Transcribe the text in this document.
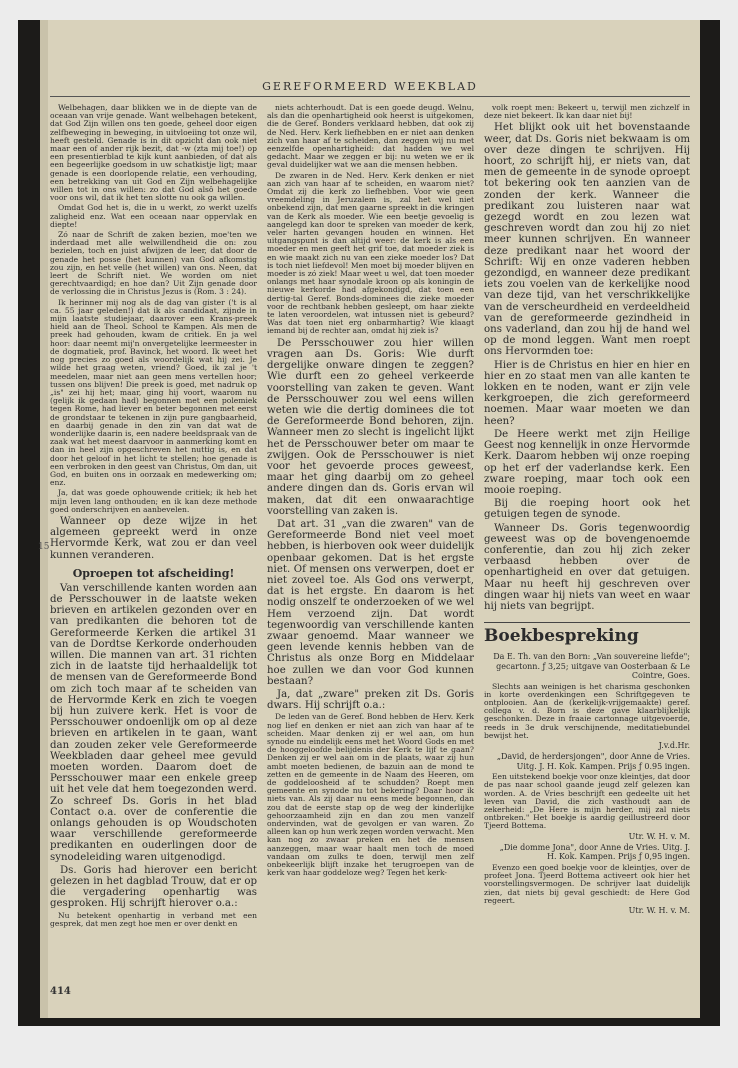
GEREFORMEERD WEEKBLAD
15

Welbehagen, daar blikken we in de diepte van de oceaan van vrije genade. Want welbehagen betekent, dat God Zijn willen ons ten goede, geheel door eigen zelfbeweging in beweging, in uitvloeiing tot onze wil, heeft gesteld. Genade is in dit opzicht dan ook niet maar een of ander rijk bezit, dat -w (zta mij toe!) op een presentierblad te kijk kunt aanbieden, of dat als een begeerlijke goedsom in uw schatkistje ligt; maar genade is een doorlopende relatie, een verhouding, een betrekking van uit God en Zijn welbehagelijke willen tot in ons willen: zo dat God alsô het goede voor ons wil, dat ik het ten slotte nu ook ga willen.

Omdat God het is, die in u werkt, zo werkt uzelfs zaligheid enz. Wat een oceaan naar oppervlak en diepte!

Zó naar de Schrift de zaken bezien, moe'ten we inderdaad met alle welwillendheid die on: zou bezielen, toch en juist afwijzen de leer, dat door de genade het posse (het kunnen) van God afkomstig zou zijn, en het velle (het willen) van ons. Neen, dat leert de Schrift niet. We worden om niet gerechtvaardigd; en hoe dan? Uit Zijn genade door de verlossing die in Christus Jezus is (Rom. 3 : 24).

Ik herinner mij nog als de dag van gister ('t is al ca. 55 jaar geleden!) dat ik als candidaat, zijnde in mijn laatste studiejaar, daarover een Krans-preek hield aan de Theol. School te Kampen. Als men de preek had gehouden, kwam de critiek. En ja wel hoor: daar neemt mij'n onvergetelijke leermeester in de dogmatiek, prof. Bavinck, het woord. Ik weet het nog precies zo goed als woordelijk wat hij zei. Je wilde het graag weten, vriend? Goed, ik zal je 't meedelen, maar niet aan geen mens vertellen hoor; tussen ons blijven! Die preek is goed, met nadruk op „is" zei hij het; maar, ging hij voort, waarom nu (gelijk ik gedaan had) begonnen met een polemiek tegen Rome, had liever en beter begonnen met eerst de grondstaar te tekenen in zijn pure gangbaarheid, en daarbij genade in den zin van dat wat de wonderlijke daarin is, een nadere beeldspraak van de zaak wat het meest daarvoor in aanmerking komt en dan in heel zijn opgeschreven het nuttig is, en dat door het geloof in het licht te stellen; hoe genade is een verbroken in den geest van Christus, Om dan, uit God, en buiten ons in oorzaak en medewerking om; enz.

Ja, dat was goede ophouwende critiek; ik heb het mijn leven lang onthouden; en ik kan deze methode goed onderschrijven en aanbevelen.

Wanneer op deze wijze in het algemeen gepreekt werd in onze Hervormde Kerk, wat zou er dan veel kunnen veranderen.

Oproepen tot afscheiding!

Van verschillende kanten worden aan de Persschouwer in de laatste weken brieven en artikelen gezonden over en van predikanten die behoren tot de Gereformeerde Kerken die artikel 31 van de Dordtse Kerkorde onderhouden willen. Die mannen van art. 31 richten zich in de laatste tijd herhaaldelijk tot de mensen van de Gereformeerde Bond om zich toch maar af te scheiden van de Hervormde Kerk en zich te voegen bij hun zuivere kerk. Het is voor de Persschouwer ondoenlijk om op al deze brieven en artikelen in te gaan, want dan zouden zeker vele Gereformeerde Weekbladen daar geheel mee gevuld moeten worden. Daarom doet de Persschouwer maar een enkele greep uit het vele dat hem toegezonden werd. Zo schreef Ds. Goris in het blad Contact o.a. over de conferentie die onlangs gehouden is op Woudschoten waar verschillende gereformeerde predikanten en ouderlingen door de synodeleiding waren uitgenodigd.

Ds. Goris had hierover een bericht gelezen in het dagblad Trouw, dat er op die vergadering openhartig was gesproken. Hij schrijft hierover o.a.:

Nu betekent openhartig in verband met een gesprek, dat men zegt hoe men er over denkt en

niets achterhoudt. Dat is een goede deugd. Welnu, als dan die openhartigheid ook heerst is uitgekomen, die de Geref. Bonders verklaard hebben, dat ook zij de Ned. Herv. Kerk liefhebben en er niet aan denken zich van haar af te scheiden, dan zeggen wij nu met eenzelfde openhartigheid: dat hadden we wel gedacht. Maar we zeggen er bij: nu weten we er ik geval duidelijker wat we aan die mensen hebben.

De zwaren in de Ned. Herv. Kerk denken er niet aan zich van haar af te scheiden, en waarom niet? Omdat zij die kerk zo liefhebben. Voor wie geen vreemdeling in Jeruzalem is, zal het wel niet onbekend zijn, dat men gaarne spreekt in die kringen van de Kerk als moeder. Wie een beetje gevoelig is aangelegd kan door te spreken van moeder de kerk, veler harten gevangen houden en winnen. Het uitgangspunt is dan altijd weer: de kerk is als een moeder en men geeft het grif toe, dat moeder ziek is en wie maakt zich nu van een zieke moeder los? Dat is toch niet liefdevol! Men moet bij moeder blijven en moeder is zó ziek! Maar weet u wel, dat toen moeder onlangs met haar synodale kroon op als koningin de nieuwe kerkorde had afgekondigd, dat toen een dertig-tal Geref. Bonds-dominees die zieke moeder voor de rechtbank hebben gesleept, om haar ziekte te laten veroordelen, wat intussen niet is gebeurd? Was dat toen niet erg onbarmhartig? Wie klaagt iemand bij de rechter aan, omdat hij ziek is?

De Persschouwer zou hier willen vragen aan Ds. Goris: Wie durft dergelijke onware dingen te zeggen? Wie durft een zo geheel verkeerde voorstelling van zaken te geven. Want de Persschouwer zou wel eens willen weten wie die dertig dominees die tot de Gereformeerde Bond behoren, zijn. Wanneer men zo slecht is ingelicht lijkt het de Persschouwer beter om maar te zwijgen. Ook de Persschouwer is niet voor het gevoerde proces geweest, maar het ging daarbij om zo geheel andere dingen dan ds. Goris ervan wil maken, dat dit een onwaarachtige voorstelling van zaken is.

Dat art. 31 „van die zwaren" van de Gereformeerde Bond niet veel moet hebben, is hierboven ook weer duidelijk openbaar gekomen. Dat is het ergste niet. Of mensen ons verwerpen, doet er niet zoveel toe. Als God ons verwerpt, dat is het ergste. En daarom is het nodig onszelf te onderzoeken of we wel Hem verzoend zijn. Dat wordt tegenwoordig van verschillende kanten zwaar genoemd. Maar wanneer we geen levende kennis hebben van de Christus als onze Borg en Middelaar hoe zullen we dan voor God kunnen bestaan?

Ja, dat „zware" preken zit Ds. Goris dwars. Hij schrijft o.a.:

De leden van de Geref. Bond hebben de Herv. Kerk nog lief en denken er niet aan zich van haar af te scheiden. Maar denken zij er wel aan, om hun synode nu eindelijk eens met het Woord Gods en met de hooggeloofde belijdenis der Kerk te lijf te gaan? Denken zij er wel aan om in de plaats, waar zij hun ambt moeten bedienen, de bazuin aan de mond te zetten en de gemeente in de Naam des Heeren, om de goddeloosheid af te schudden? Roept men gemeente en synode nu tot bekering? Daar hoor ik niets van. Als zij daar nu eens mede begonnen, dan zou dat de eerste stap op de weg der kinderlijke gehoorzaamheid zijn en dan zou men vanzelf ondervinden, wat de gevolgen er van waren. Zo alleen kan op hun werk zegen worden verwacht. Men kan nog zo zwaar preken en het de mensen aanzeggen, maar waar haalt men toch de moed vandaan om zulks te doen, terwijl men zelf onbekeerlijk blijft inzake het terugroepen van de kerk van haar goddeloze weg? Tegen het kerk-

volk roept men: Bekeert u, terwijl men zichzelf in deze niet bekeert. Ik kan daar niet bij!

Het blijkt ook uit het bovenstaande weer, dat Ds. Goris niet bekwaam is om over deze dingen te schrijven. Hij hoort, zo schrijft hij, er niets van, dat men de gemeente in de synode oproept tot bekering ook ten aanzien van de zonden der kerk. Wanneer die predikant zou luisteren naar wat gezegd wordt en zou lezen wat geschreven wordt dan zou hij zo niet meer kunnen schrijven. En wanneer deze predikant naar het woord der Schrift: Wij en onze vaderen hebben gezondigd, en wanneer deze predikant iets zou voelen van de kerkelijke nood van deze tijd, van het verschrikkelijke van de verscheurdheid en verdeeldheid van de gereformeerde gezindheid in ons vaderland, dan zou hij de hand wel op de mond leggen. Want men roept ons Hervormden toe:

Hier is de Christus en hier en hier en hier en zo staat men van alle kanten te lokken en te noden, want er zijn vele kerkgroepen, die zich gereformeerd noemen. Maar waar moeten we dan heen?

De Heere werkt met zijn Heilige Geest nog kennelijk in onze Hervormde Kerk. Daarom hebben wij onze roeping op het erf der vaderlandse kerk. Een zware roeping, maar toch ook een mooie roeping.

Bij die roeping hoort ook het getuigen tegen de synode.

Wanneer Ds. Goris tegenwoordig geweest was op de bovengenoemde conferentie, dan zou hij zich zeker verbaasd hebben over de openhartigheid en over dat getuigen. Maar nu heeft hij geschreven over dingen waar hij niets van weet en waar hij niets van begrijpt.

Boekbespreking

Da E. Th. van den Born: „Van souvereine liefde"; gecartonn. ƒ 3,25; uitgave van Oosterbaan & Le Cointre, Goes.

Slechts aan weinigen is het charisma geschonken in korte overdenkingen een Schriftgegeven te ontplooien. Aan de (kerkelijk-vrijgemaakte) geref. collega v. d. Born is deze gave klaarblijkelijk geschonken. Deze in fraaie cartonnage uitgevoerde, reeds in 3e druk verschijnende, meditatiebundel bewijst het.

J.v.d.Hr.

„David, de herdersjongen", door Anne de Vries. Uitg. J. H. Kok. Kampen. Prijs ƒ 0.95 ingen.

Een uitstekend boekje voor onze kleintjes, dat door de pas naar school gaande jeugd zelf gelezen kan worden. A. de Vries beschrijft een gedeelte uit het leven van David, die zich vasthoudt aan de zekerheid: „De Here is mijn herder, mij zal niets ontbreken." Het boekje is aardig geillustreerd door Tjeerd Bottema.

Utr. W. H. v. M.

„Die domme Jona", door Anne de Vries. Uitg. J. H. Kok. Kampen. Prijs ƒ 0,95 ingen.

Evenzo een goed boekje voor de kleintjes, over de profeet Jona. Tjeerd Bottema activeert ook hier het voorstellingsvermogen. De schrijver laat duidelijk zien, dat niets bij geval geschiedt: de Here God regeert.

Utr. W. H. v. M.

414
